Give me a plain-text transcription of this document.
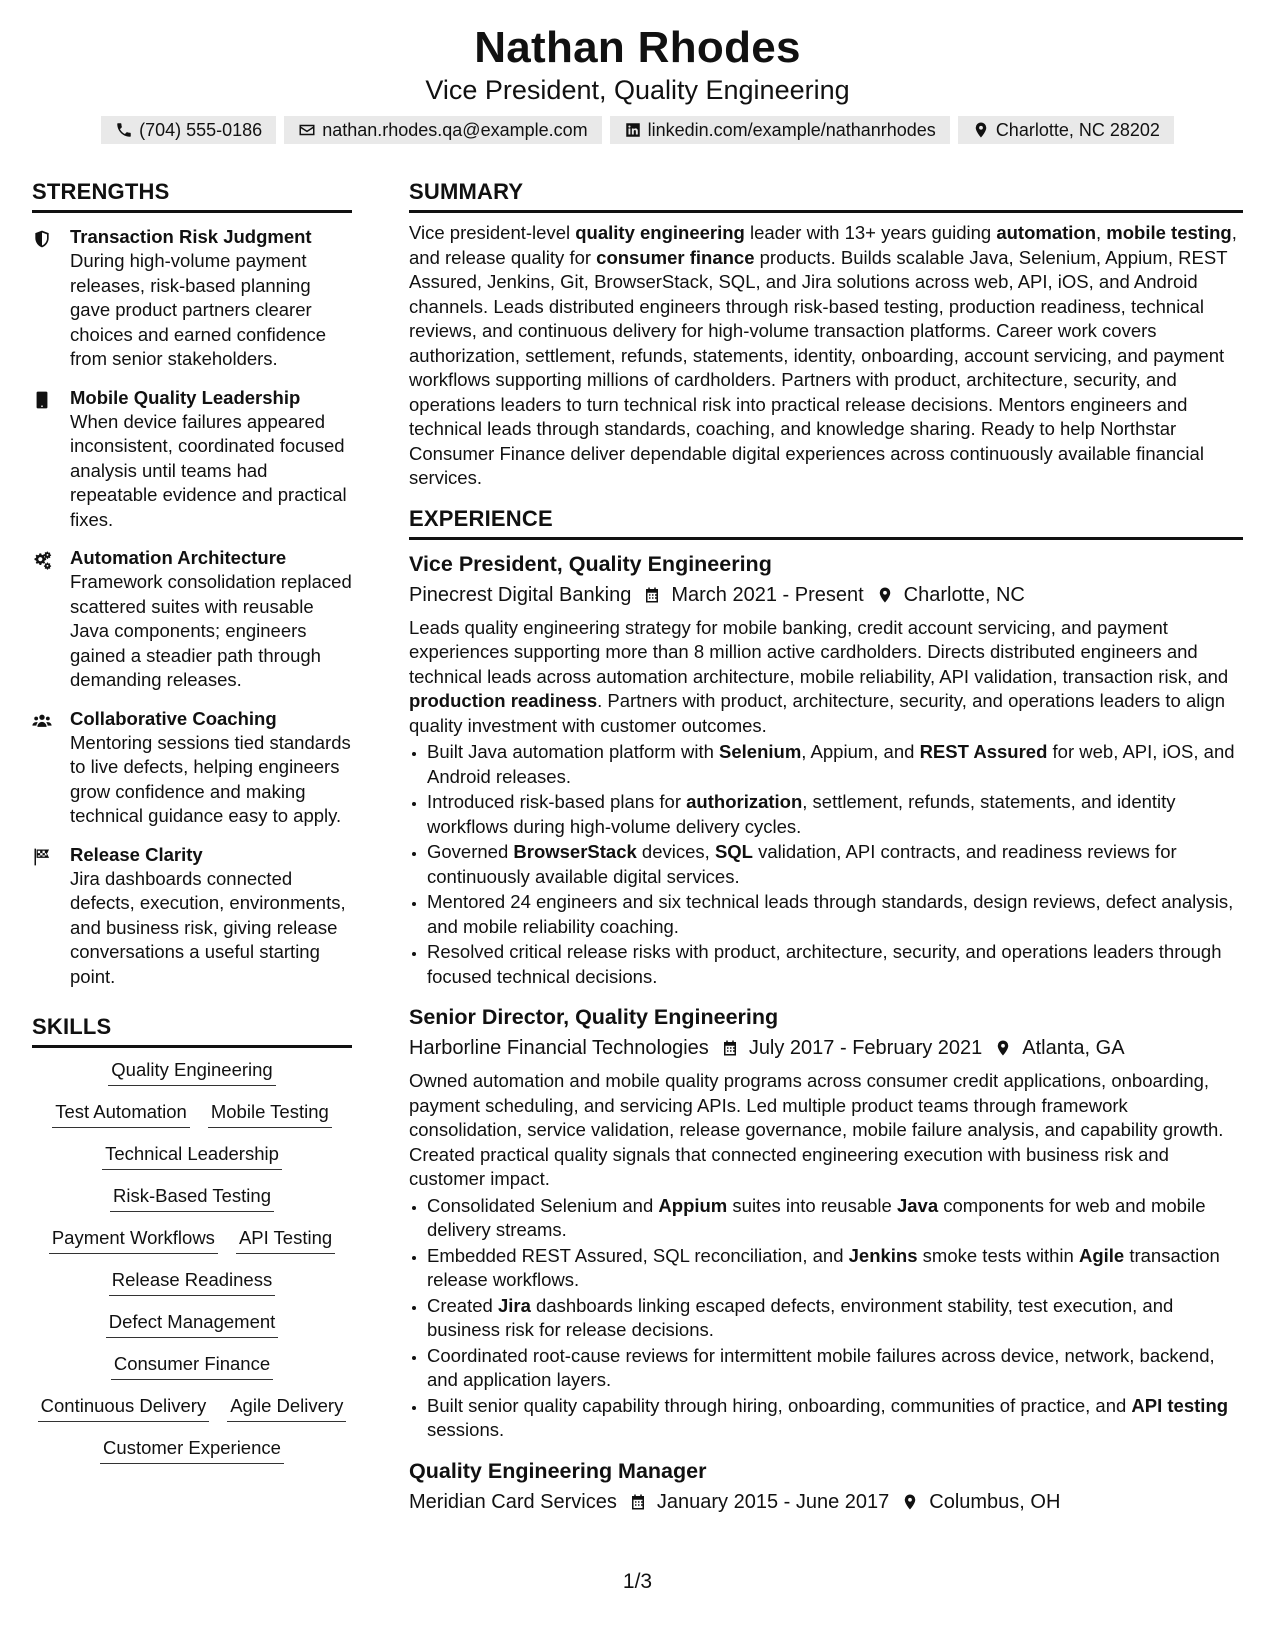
Nathan Rhodes
Vice President, Quality Engineering
(704) 555-0186	nathan.rhodes.qa@example.com	linkedin.com/example/nathanrhodes	Charlotte, NC 28202
STRENGTHS
Transaction Risk Judgment
During high-volume payment releases, risk-based planning gave product partners clearer choices and earned confidence from senior stakeholders.
Mobile Quality Leadership
When device failures appeared inconsistent, coordinated focused analysis until teams had repeatable evidence and practical fixes.
Automation Architecture
Framework consolidation replaced scattered suites with reusable Java components; engineers gained a steadier path through demanding releases.
Collaborative Coaching
Mentoring sessions tied standards to live defects, helping engineers grow confidence and making technical guidance easy to apply.
Release Clarity
Jira dashboards connected defects, execution, environments, and business risk, giving release conversations a useful starting point.
SKILLS
Quality Engineering
Test Automation Mobile Testing
Technical Leadership
Risk-Based Testing
Payment Workflows API Testing
Release Readiness
Defect Management
Consumer Finance
Continuous Delivery Agile Delivery
Customer Experience
SUMMARY
Vice president-level quality engineering leader with 13+ years guiding automation, mobile testing, and release quality for consumer finance products. Builds scalable Java, Selenium, Appium, REST Assured, Jenkins, Git, BrowserStack, SQL, and Jira solutions across web, API, iOS, and Android channels. Leads distributed engineers through risk-based testing, production readiness, technical reviews, and continuous delivery for high-volume transaction platforms. Career work covers authorization, settlement, refunds, statements, identity, onboarding, account servicing, and payment workflows supporting millions of cardholders. Partners with product, architecture, security, and operations leaders to turn technical risk into practical release decisions. Mentors engineers and technical leads through standards, coaching, and knowledge sharing. Ready to help Northstar Consumer Finance deliver dependable digital experiences across continuously available financial services.
EXPERIENCE
Vice President, Quality Engineering
Pinecrest Digital Banking March 2021 - Present Charlotte, NC
Leads quality engineering strategy for mobile banking, credit account servicing, and payment experiences supporting more than 8 million active cardholders. Directs distributed engineers and technical leads across automation architecture, mobile reliability, API validation, transaction risk, and production readiness. Partners with product, architecture, security, and operations leaders to align quality investment with customer outcomes.
• Built Java automation platform with Selenium, Appium, and REST Assured for web, API, iOS, and Android releases.
• Introduced risk-based plans for authorization, settlement, refunds, statements, and identity workflows during high-volume delivery cycles.
• Governed BrowserStack devices, SQL validation, API contracts, and readiness reviews for continuously available digital services.
• Mentored 24 engineers and six technical leads through standards, design reviews, defect analysis, and mobile reliability coaching.
• Resolved critical release risks with product, architecture, security, and operations leaders through focused technical decisions.
Senior Director, Quality Engineering
Harborline Financial Technologies July 2017 - February 2021 Atlanta, GA
Owned automation and mobile quality programs across consumer credit applications, onboarding, payment scheduling, and servicing APIs. Led multiple product teams through framework consolidation, service validation, release governance, mobile failure analysis, and capability growth. Created practical quality signals that connected engineering execution with business risk and customer impact.
• Consolidated Selenium and Appium suites into reusable Java components for web and mobile delivery streams.
• Embedded REST Assured, SQL reconciliation, and Jenkins smoke tests within Agile transaction release workflows.
• Created Jira dashboards linking escaped defects, environment stability, test execution, and business risk for release decisions.
• Coordinated root-cause reviews for intermittent mobile failures across device, network, backend, and application layers.
• Built senior quality capability through hiring, onboarding, communities of practice, and API testing sessions.
Quality Engineering Manager
Meridian Card Services January 2015 - June 2017 Columbus, OH
1/3
